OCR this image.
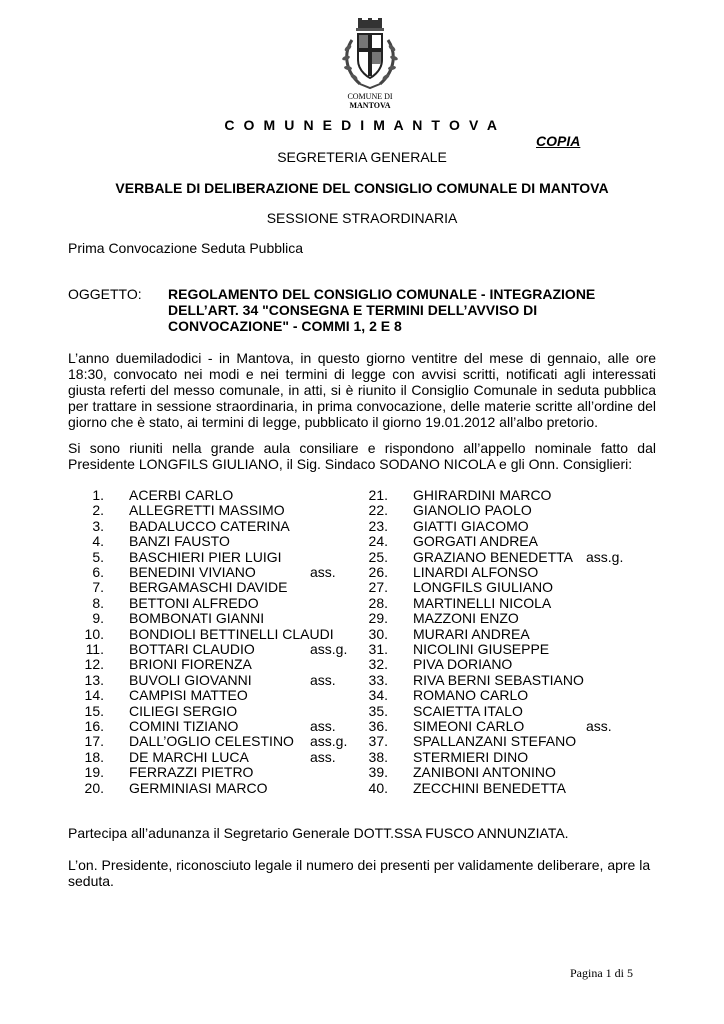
COMUNE DI
MANTOVA
C O M U N E D I M A N T O V A
COPIA
SEGRETERIA GENERALE
VERBALE DI DELIBERAZIONE DEL CONSIGLIO COMUNALE DI MANTOVA
SESSIONE STRAORDINARIA
Prima Convocazione Seduta Pubblica
OGGETTO: REGOLAMENTO DEL CONSIGLIO COMUNALE - INTEGRAZIONE DELL’ART. 34 "CONSEGNA E TERMINI DELL’AVVISO DI CONVOCAZIONE" - COMMI 1, 2 E 8
L’anno duemiladodici - in Mantova, in questo giorno ventitre del mese di gennaio, alle ore 18:30, convocato nei modi e nei termini di legge con avvisi scritti, notificati agli interessati giusta referti del messo comunale, in atti, si è riunito il Consiglio Comunale in seduta pubblica per trattare in sessione straordinaria, in prima convocazione, delle materie scritte all’ordine del giorno che è stato, ai termini di legge, pubblicato il giorno 19.01.2012 all’albo pretorio.
Si sono riuniti nella grande aula consiliare e rispondono all’appello nominale fatto dal Presidente LONGFILS GIULIANO, il Sig. Sindaco SODANO NICOLA e gli Onn. Consiglieri:
1. ACERBI CARLO
2. ALLEGRETTI MASSIMO
3. BADALUCCO CATERINA
4. BANZI FAUSTO
5. BASCHIERI PIER LUIGI
6. BENEDINI VIVIANO	ass.
7. BERGAMASCHI DAVIDE
8. BETTONI ALFREDO
9. BOMBONATI GIANNI
10. BONDIOLI BETTINELLI CLAUDI
11. BOTTARI CLAUDIO	ass.g.
12. BRIONI FIORENZA
13. BUVOLI GIOVANNI	ass.
14. CAMPISI MATTEO
15. CILIEGI SERGIO
16. COMINI TIZIANO	ass.
17. DALL’OGLIO CELESTINO ass.g.
18. DE MARCHI LUCA	ass.
19. FERRAZZI PIETRO
20. GERMINIASI MARCO
21. GHIRARDINI MARCO
22. GIANOLIO PAOLO
23. GIATTI GIACOMO
24. GORGATI ANDREA
25. GRAZIANO BENEDETTA ass.g.
26. LINARDI ALFONSO
27. LONGFILS GIULIANO
28. MARTINELLI NICOLA
29. MAZZONI ENZO
30. MURARI ANDREA
31. NICOLINI GIUSEPPE
32. PIVA DORIANO
33. RIVA BERNI SEBASTIANO
34. ROMANO CARLO
35. SCAIETTA ITALO
36. SIMEONI CARLO	ass.
37. SPALLANZANI STEFANO
38. STERMIERI DINO
39. ZANIBONI ANTONINO
40. ZECCHINI BENEDETTA
Partecipa all’adunanza il Segretario Generale DOTT.SSA FUSCO ANNUNZIATA.
L’on. Presidente, riconosciuto legale il numero dei presenti per validamente deliberare, apre la seduta.
Pagina 1 di 5
